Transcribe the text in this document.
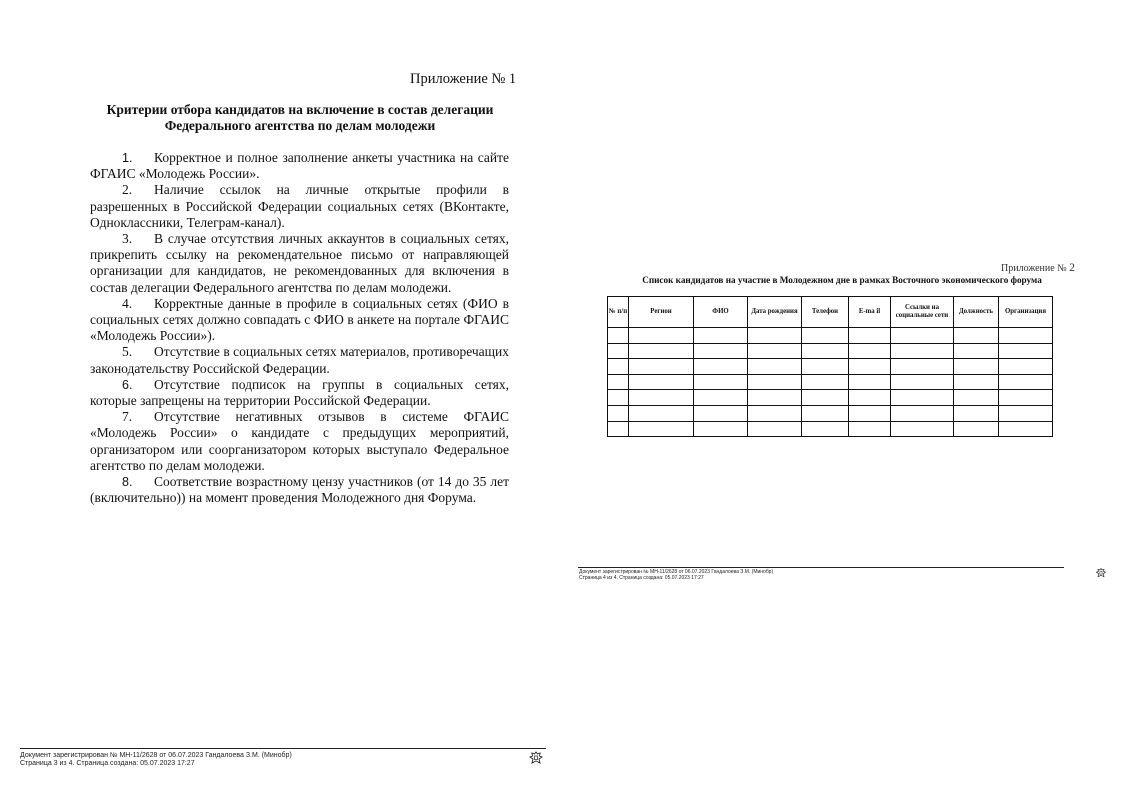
Приложение № 1
Критерии отбора кандидатов на включение в состав делегации Федерального агентства по делам молодежи

1. Корректное и полное заполнение анкеты участника на сайте ФГАИС «Молодежь России».

2. Наличие ссылок на личные открытые профили в разрешенных в Российской Федерации социальных сетях (ВКонтакте, Одноклассники, Телеграм-канал).

3. В случае отсутствия личных аккаунтов в социальных сетях, прикрепить ссылку на рекомендательное письмо от направляющей организации для кандидатов, не рекомендованных для включения в состав делегации Федерального агентства по делам молодежи.

4. Корректные данные в профиле в социальных сетях (ФИО в социальных сетях должно совпадать с ФИО в анкете на портале ФГАИС «Молодежь России»).

5. Отсутствие в социальных сетях материалов, противоречащих законодательству Российской Федерации.

6. Отсутствие подписок на группы в социальных сетях, которые запрещены на территории Российской Федерации.

7. Отсутствие негативных отзывов в системе ФГАИС «Молодежь России» о кандидате с предыдущих мероприятий, организатором или соорганизатором которых выступало Федеральное агентство по делам молодежи.

8. Соответствие возрастному цензу участников (от 14 до 35 лет (включительно)) на момент проведения Молодежного дня Форума.

Документ зарегистрирован № МН-11/2628 от 06.07.2023 Гандалоева З.М. (Минобр)
Страница 3 из 4. Страница создана: 05.07.2023 17:27
Приложение № 2
Список кандидатов на участие в Молодежном дне в рамках Восточного экономического форума
№ п/п	Регион	ФИО	Дата рождения	Телефон	E-ma il	Ссылки на социальные сети	Должность	Организация

Документ зарегистрирован № МН-11/2628 от 06.07.2023 Гандалоева З.М. (Минобр)
Страница 4 из 4. Страница создана: 05.07.2023 17:27
